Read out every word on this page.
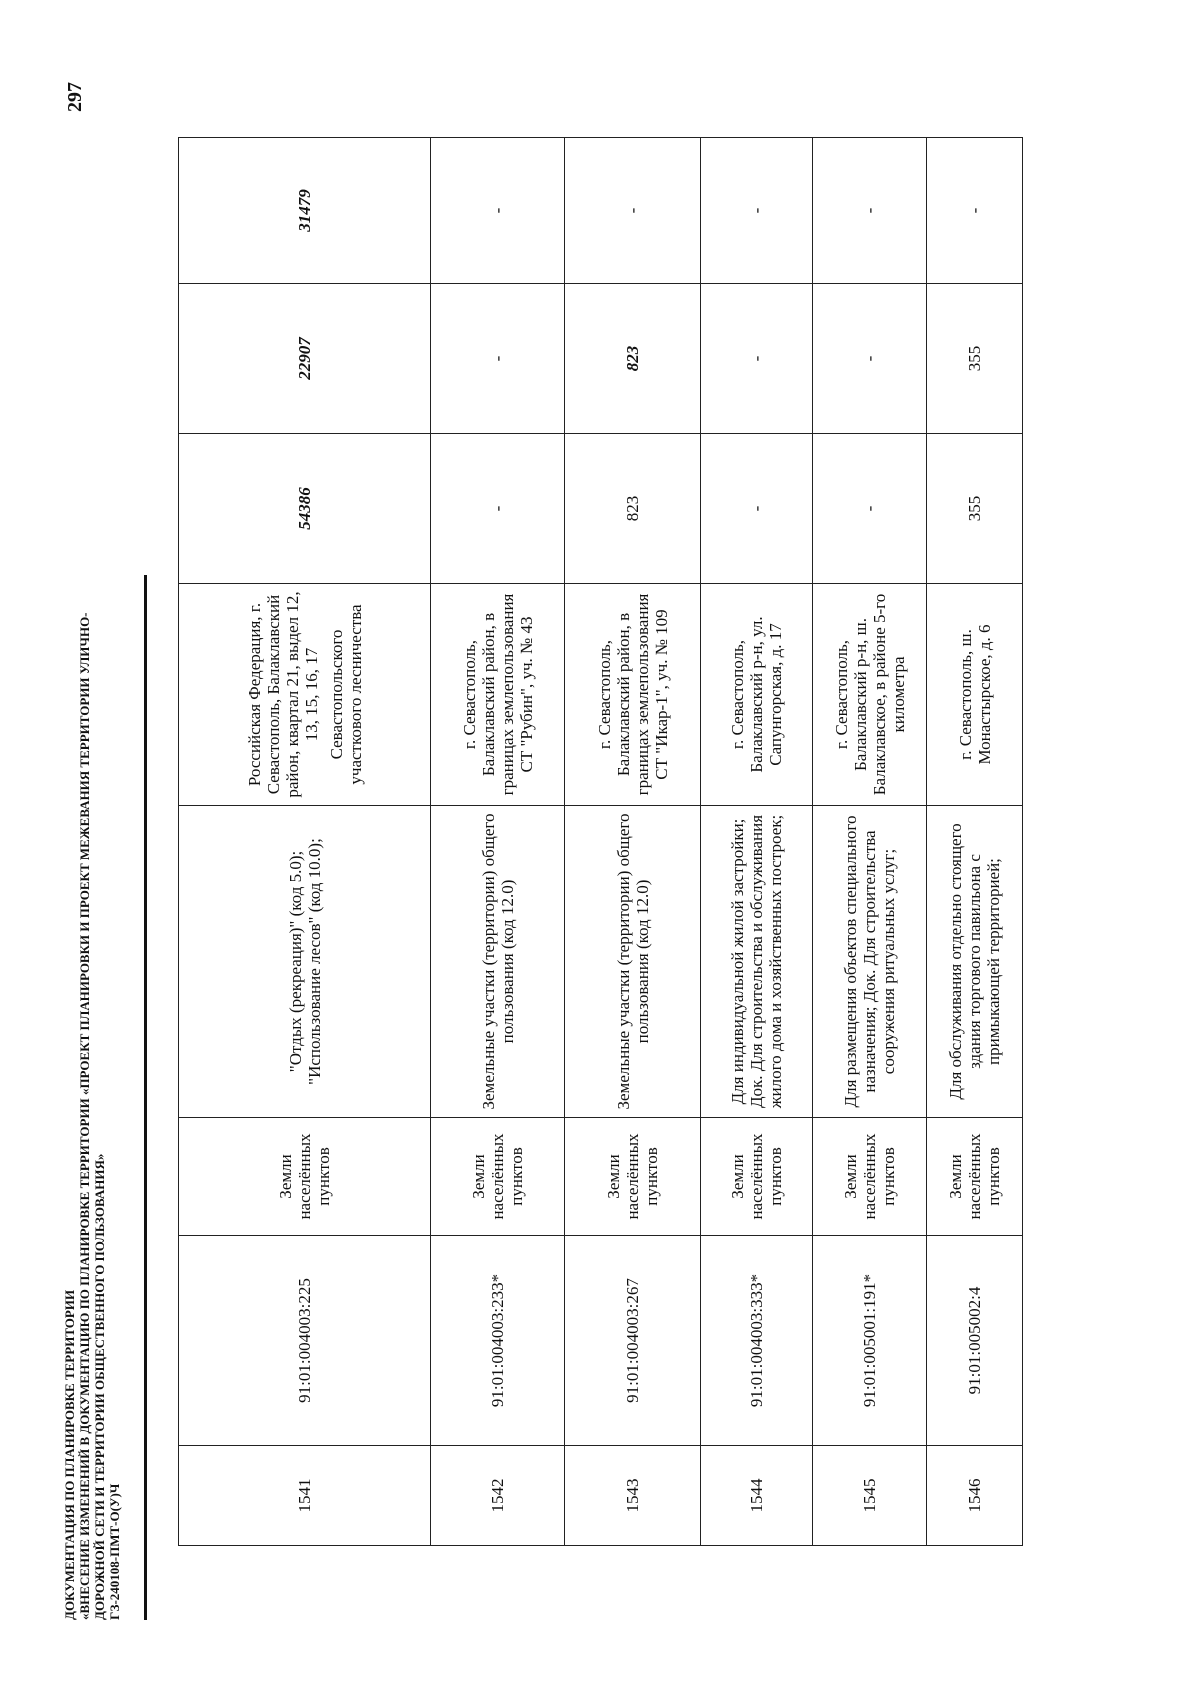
ДОКУМЕНТАЦИЯ ПО ПЛАНИРОВКЕ ТЕРРИТОРИИ «ВНЕСЕНИЕ ИЗМЕНЕНИЙ В ДОКУМЕНТАЦИЮ ПО ПЛАНИРОВКЕ ТЕРРИТОРИИ «ПРОЕКТ ПЛАНИРОВКИ И ПРОЕКТ МЕЖЕВАНИЯ ТЕРРИТОРИИ УЛИЧНО- ДОРОЖНОЙ СЕТИ И ТЕРРИТОРИИ ОБЩЕСТВЕННОГО ПОЛЬЗОВАНИЯ» ГЗ-240108-ПМТ-О(У)Ч
297
1541	91:01:004003:225	Земли населённых пунктов	"Отдых (рекреация)" (код 5.0); "Использование лесов" (код 10.0);	Российская Федерация, г. Севастополь, Балаклавский район, квартал 21, выдел 12, 13, 15, 16, 17 Севастопольского участкового лесничества	54386	22907	31479
1542	91:01:004003:233*	Земли населённых пунктов	Земельные участки (территории) общего пользования (код 12.0)	г. Севастополь, Балаклавский район, в границах землепользования СТ "Рубин", уч. № 43	-	-	-
1543	91:01:004003:267	Земли населённых пунктов	Земельные участки (территории) общего пользования (код 12.0)	г. Севастополь, Балаклавский район, в границах землепользования СТ "Икар-1", уч. № 109	823	823	-
1544	91:01:004003:333*	Земли населённых пунктов	Для индивидуальной жилой застройки; Док. Для строительства и обслуживания жилого дома и хозяйственных построек;	г. Севастополь, Балаклавский р-н, ул. Сапунгорская, д. 17	-	-	-
1545	91:01:005001:191*	Земли населённых пунктов	Для размещения объектов специального назначения; Док. Для строительства сооружения ритуальных услуг;	г. Севастополь, Балаклавский р-н, ш. Балаклавское, в районе 5-го километра	-	-	-
1546	91:01:005002:4	Земли населённых пунктов	Для обслуживания отдельно стоящего здания торгового павильона с примыкающей территорией;	г. Севастополь, ш. Монастырское, д. 6	355	355	-
